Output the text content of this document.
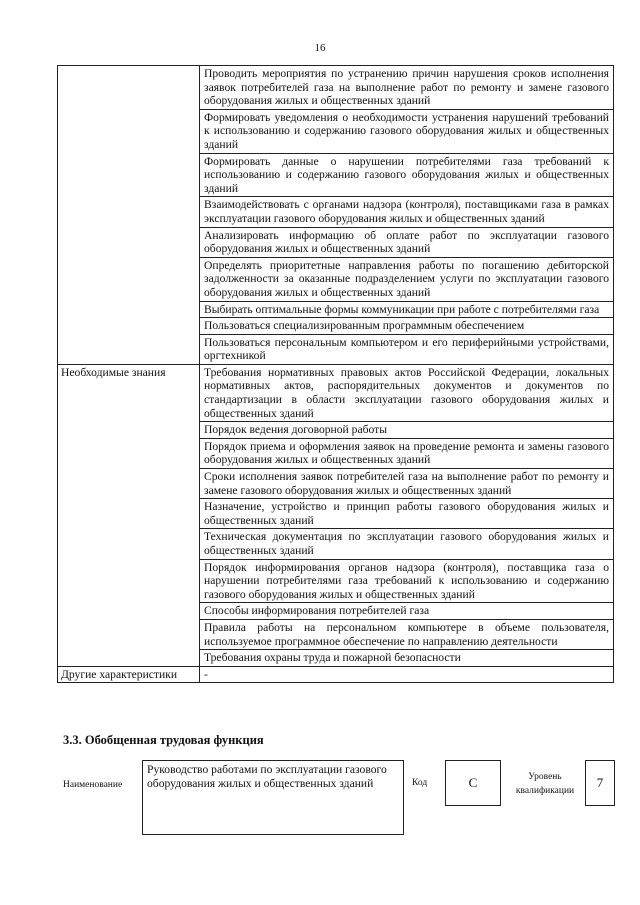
16
	Проводить мероприятия по устранению причин нарушения сроков исполнения заявок потребителей газа на выполнение работ по ремонту и замене газового оборудования жилых и общественных зданий
	Формировать уведомления о необходимости устранения нарушений требований к использованию и содержанию газового оборудования жилых и общественных зданий
	Формировать данные о нарушении потребителями газа требований к использованию и содержанию газового оборудования жилых и общественных зданий
	Взаимодействовать с органами надзора (контроля), поставщиками газа в рамках эксплуатации газового оборудования жилых и общественных зданий
	Анализировать информацию об оплате работ по эксплуатации газового оборудования жилых и общественных зданий
	Определять приоритетные направления работы по погашению дебиторской задолженности за оказанные подразделением услуги по эксплуатации газового оборудования жилых и общественных зданий
	Выбирать оптимальные формы коммуникации при работе с потребителями газа
	Пользоваться специализированным программным обеспечением
	Пользоваться персональным компьютером и его периферийными устройствами, оргтехникой
Необходимые знания	Требования нормативных правовых актов Российской Федерации, локальных нормативных актов, распорядительных документов и документов по стандартизации в области эксплуатации газового оборудования жилых и общественных зданий
	Порядок ведения договорной работы
	Порядок приема и оформления заявок на проведение ремонта и замены газового оборудования жилых и общественных зданий
	Сроки исполнения заявок потребителей газа на выполнение работ по ремонту и замене газового оборудования жилых и общественных зданий
	Назначение, устройство и принцип работы газового оборудования жилых и общественных зданий
	Техническая документация по эксплуатации газового оборудования жилых и общественных зданий
	Порядок информирования органов надзора (контроля), поставщика газа о нарушении потребителями газа требований к использованию и содержанию газового оборудования жилых и общественных зданий
	Способы информирования потребителей газа
	Правила работы на персональном компьютере в объеме пользователя, используемое программное обеспечение по направлению деятельности
	Требования охраны труда и пожарной безопасности
Другие характеристики	-
3.3. Обобщенная трудовая функция
Наименование
Руководство работами по эксплуатации газового оборудования жилых и общественных зданий	Код	С	Уровень квалификации
7
